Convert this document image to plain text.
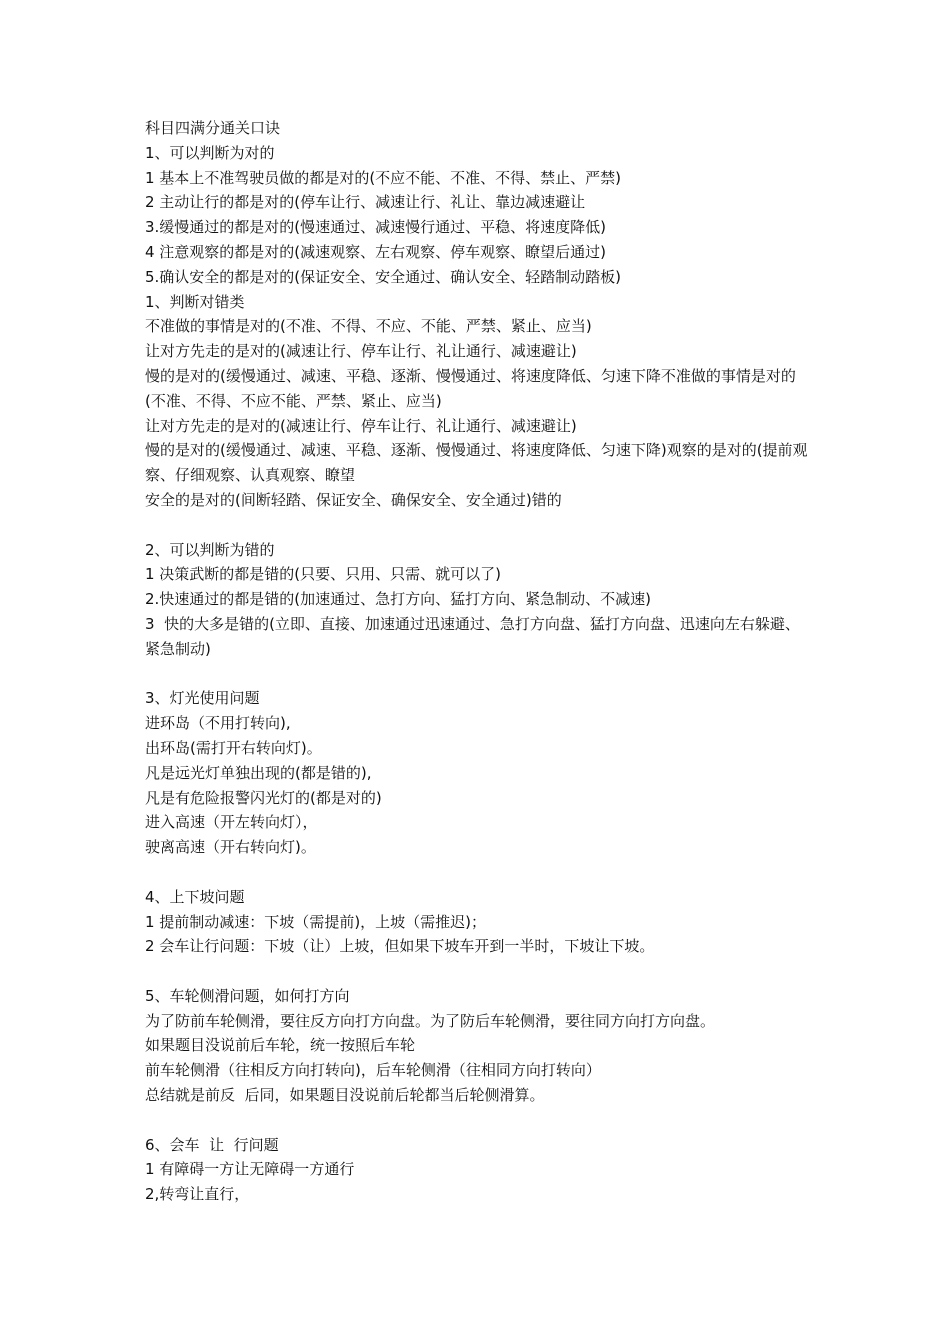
科目四满分通关口诀

1、可以判断为对的

1 基本上不准驾驶员做的都是对的(不应不能、不准、不得、禁止、严禁)

2 主动让行的都是对的(停车让行、减速让行、礼让、靠边减速避让

3.缓慢通过的都是对的(慢速通过、减速慢行通过、平稳、将速度降低)

4 注意观察的都是对的(减速观察、左右观察、停车观察、瞭望后通过)

5.确认安全的都是对的(保证安全、安全通过、确认安全、轻踏制动踏板)

1、判断对错类

不准做的事情是对的(不准、不得、不应、不能、严禁、紧止、应当)

让对方先走的是对的(减速让行、停车让行、礼让通行、减速避让)

慢的是对的(缓慢通过、减速、平稳、逐渐、慢慢通过、将速度降低、匀速下降不准做的事情是对的(不准、不得、不应不能、严禁、紧止、应当)

让对方先走的是对的(减速让行、停车让行、礼让通行、减速避让)

慢的是对的(缓慢通过、减速、平稳、逐渐、慢慢通过、将速度降低、匀速下降)观察的是对的(提前观察、仔细观察、认真观察、瞭望

安全的是对的(间断轻踏、保证安全、确保安全、安全通过)错的

2、可以判断为错的

1 决策武断的都是错的(只要、只用、只需、就可以了)

2.快速通过的都是错的(加速通过、急打方向、猛打方向、紧急制动、不减速)

3  快的大多是错的(立即、直接、加速通过迅速通过、急打方向盘、猛打方向盘、迅速向左右躲避、紧急制动)

3、灯光使用问题

进环岛（不用打转向),

出环岛(需打开右转向灯)。

凡是远光灯单独出现的(都是错的),

凡是有危险报警闪光灯的(都是对的)

进入高速（开左转向灯），

驶离高速（开右转向灯)。

4、上下坡问题

1 提前制动减速：下坡（需提前)，上坡（需推迟)；

2 会车让行问题：下坡（让）上坡，但如果下坡车开到一半时，下坡让下坡。

5、车轮侧滑问题，如何打方向

为了防前车轮侧滑，要往反方向打方向盘。为了防后车轮侧滑，要往同方向打方向盘。

如果题目没说前后车轮，统一按照后车轮

前车轮侧滑（往相反方向打转向)，后车轮侧滑（往相同方向打转向）

总结就是前反  后同，如果题目没说前后轮都当后轮侧滑算。

6、会车  让  行问题

1 有障碍一方让无障碍一方通行

2,转弯让直行，
